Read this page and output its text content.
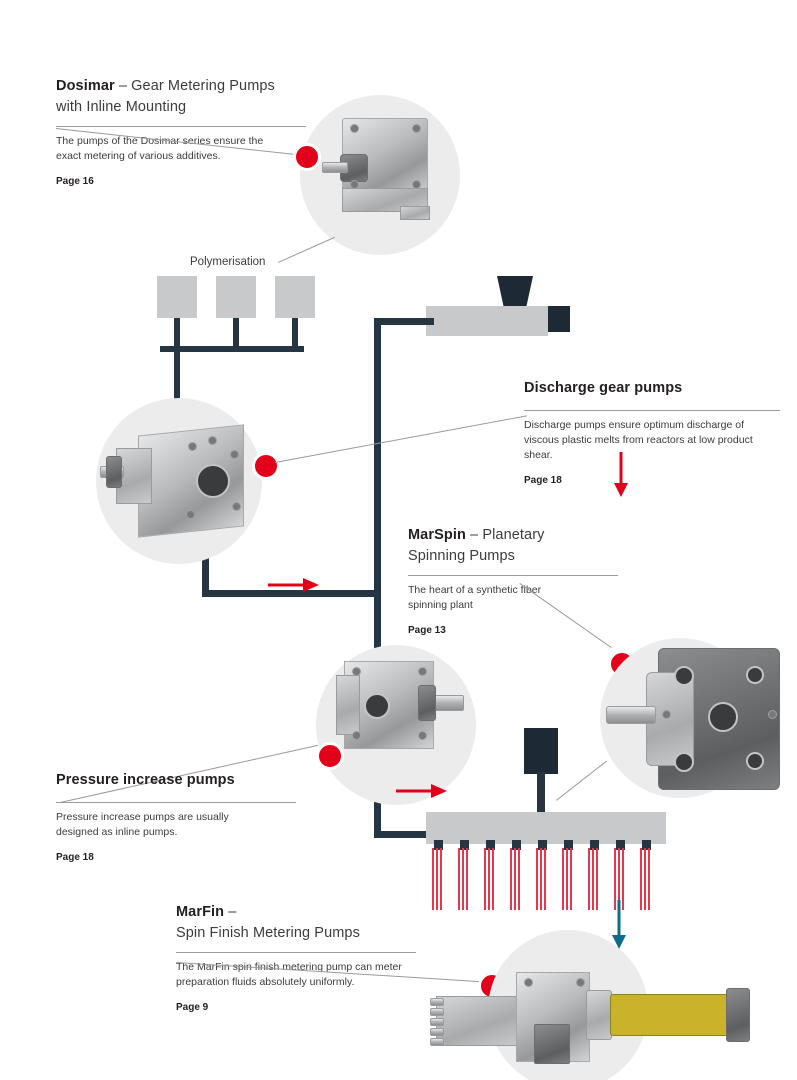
Dosimar – Gear Metering Pumps
with Inline Mounting
The pumps of the Dosimar series ensure the exact metering of various additives.
Page 16
Polymerisation
Discharge gear pumps
Discharge pumps ensure optimum discharge of viscous plastic melts from reactors at low product shear.
Page 18
MarSpin – Planetary
Spinning Pumps
The heart of a synthetic fiber spinning plant
Page 13
Pressure increase pumps
Pressure increase pumps are usually designed as inline pumps.
Page 18
MarFin –
Spin Finish Metering Pumps
The MarFin spin finish metering pump can meter preparation fluids absolutely uniformly.
Page 9
